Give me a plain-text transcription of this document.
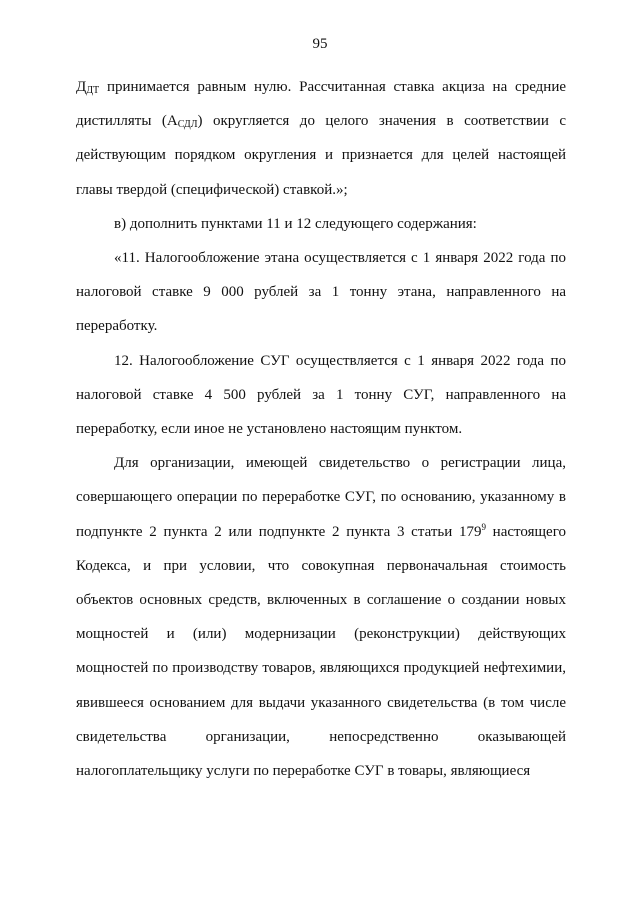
95

$Д_{ДТ}$ принимается равным нулю. Рассчитанная ставка акциза на средние дистилляты $(А_{СДЛ})$ округляется до целого значения в соответствии с действующим порядком округления и признается для целей настоящей главы твердой (специфической) ставкой.»;

в) дополнить пунктами 11 и 12 следующего содержания:

«11. Налогообложение этана осуществляется с 1 января 2022 года по налоговой ставке 9 000 рублей за 1 тонну этана, направленного на переработку.

12. Налогообложение СУГ осуществляется с 1 января 2022 года по налоговой ставке 4 500 рублей за 1 тонну СУГ, направленного на переработку, если иное не установлено настоящим пунктом.

Для организации, имеющей свидетельство о регистрации лица, совершающего операции по переработке СУГ, по основанию, указанному в подпункте 2 пункта 2 или подпункте 2 пункта 3 статьи $179^9$ настоящего Кодекса, и при условии, что совокупная первоначальная стоимость объектов основных средств, включенных в соглашение о создании новых мощностей и (или) модернизации (реконструкции) действующих мощностей по производству товаров, являющихся продукцией нефтехимии, явившееся основанием для выдачи указанного свидетельства (в том числе свидетельства организации, непосредственно оказывающей налогоплательщику услуги по переработке СУГ в товары, являющиеся
